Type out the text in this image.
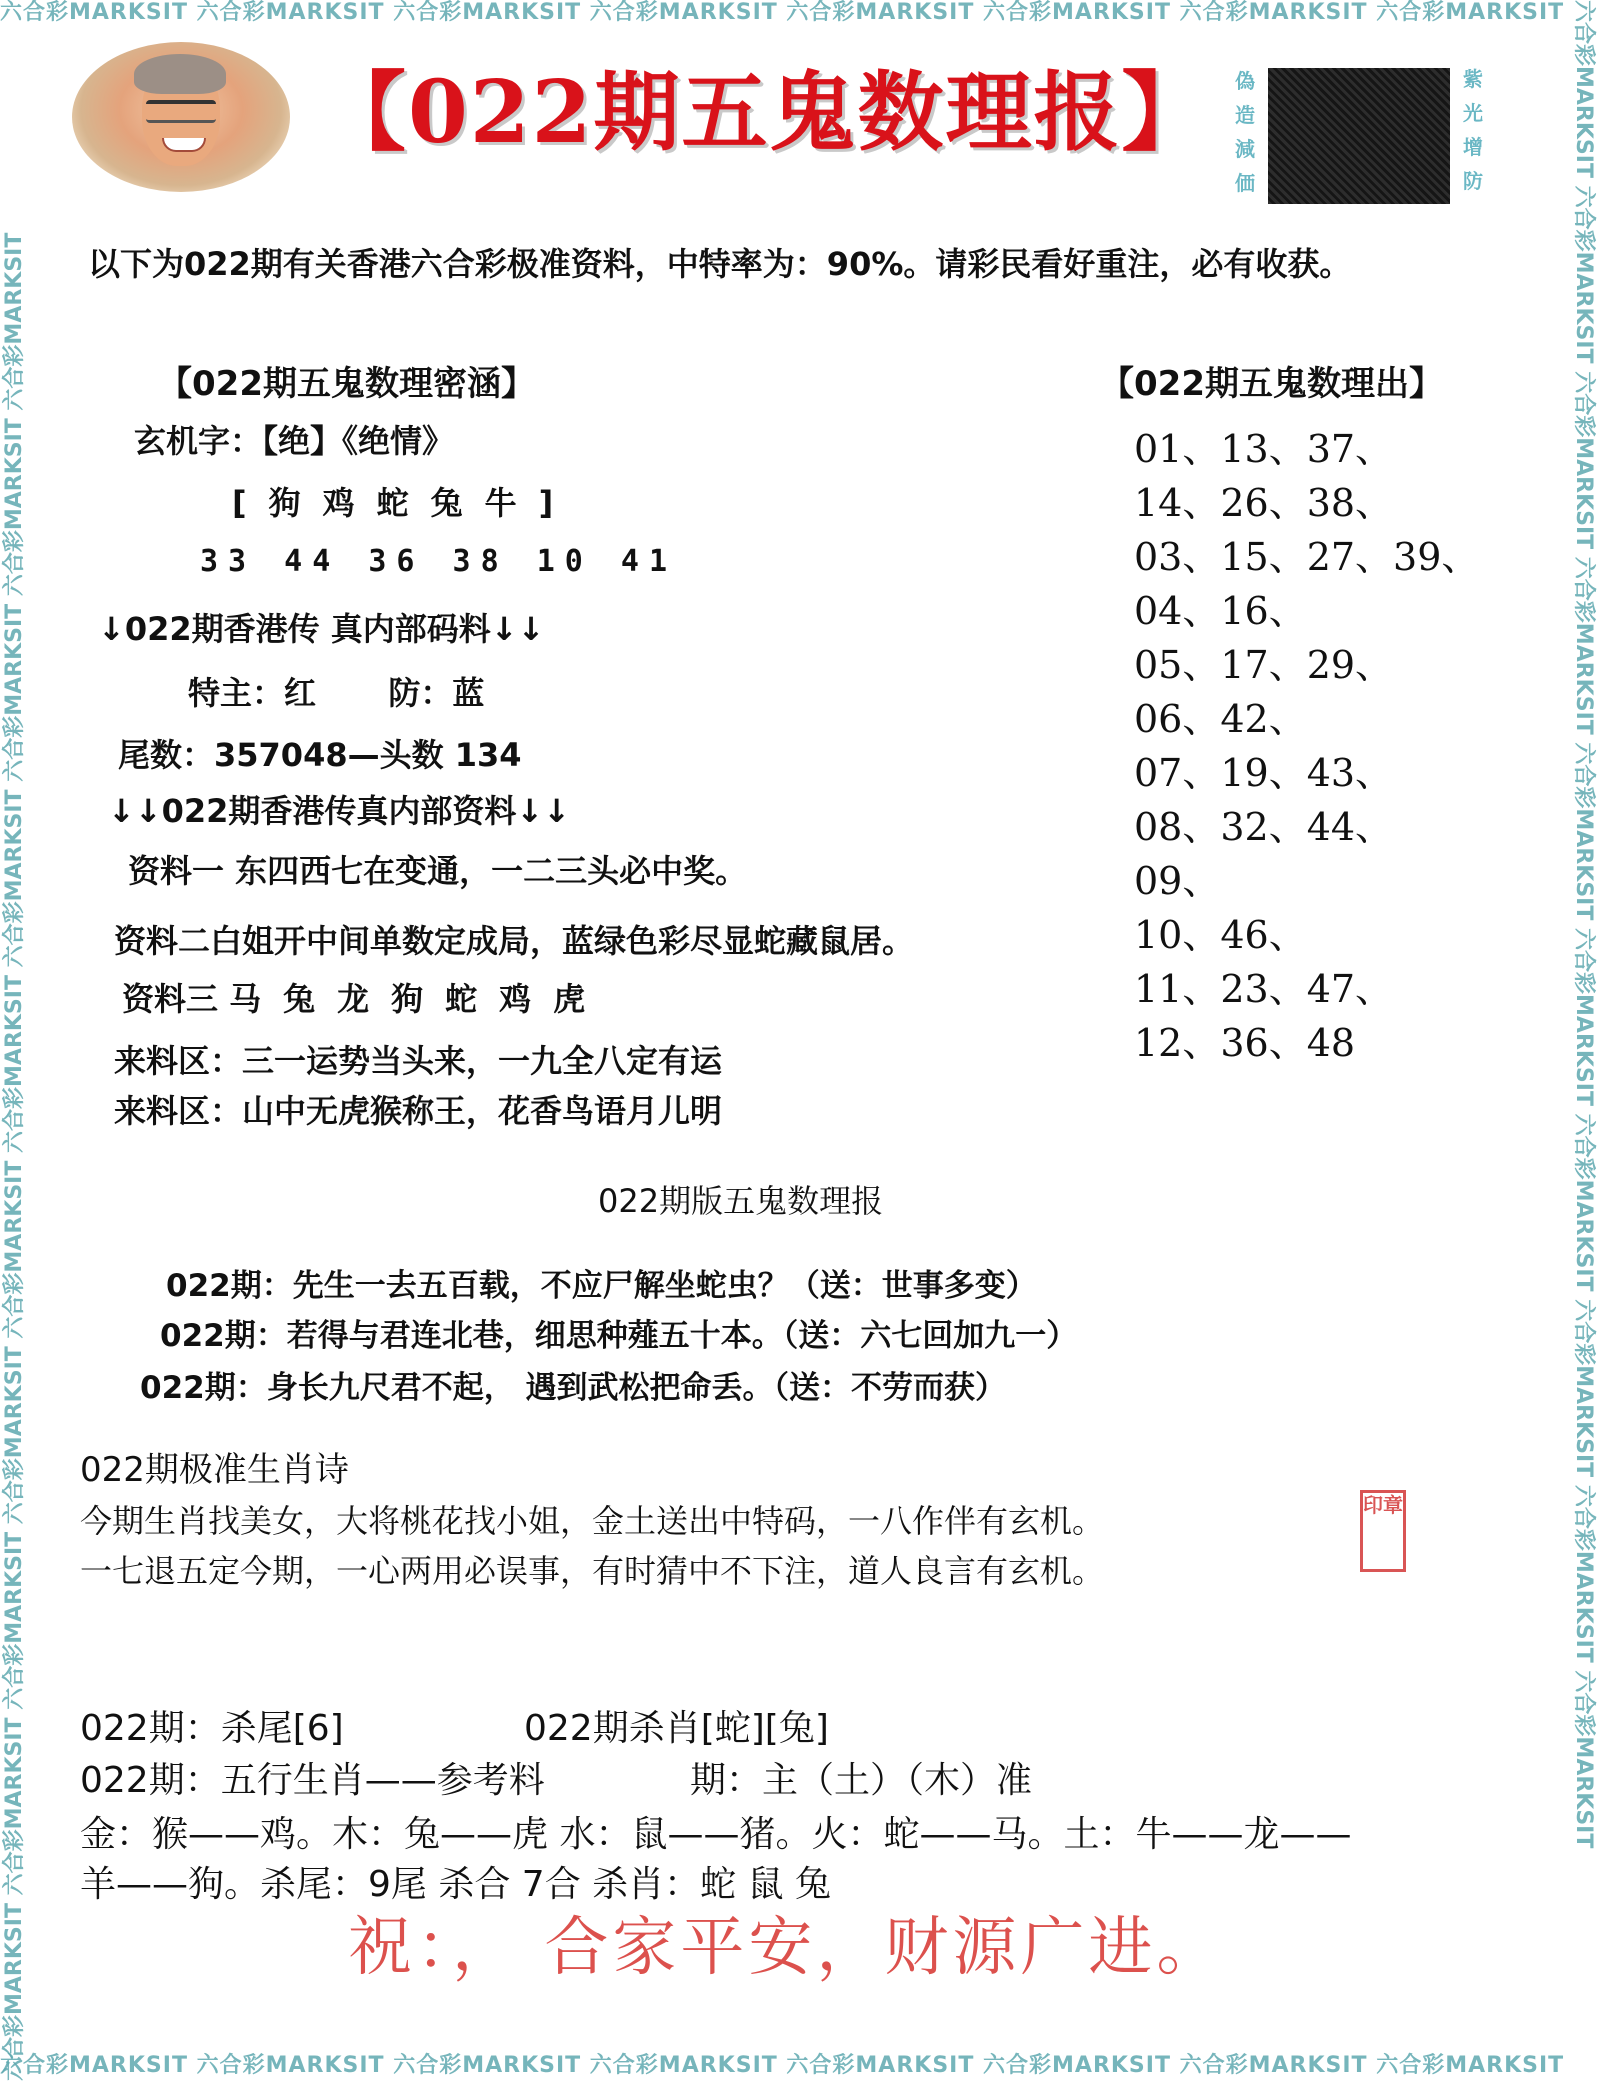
六合彩MARKSIT 六合彩MARKSIT 六合彩MARKSIT 六合彩MARKSIT 六合彩MARKSIT 六合彩MARKSIT 六合彩MARKSIT 六合彩MARKSIT
六合彩MARKSIT 六合彩MARKSIT 六合彩MARKSIT 六合彩MARKSIT 六合彩MARKSIT 六合彩MARKSIT 六合彩MARKSIT 六合彩MARKSIT
六合彩MARKSIT 六合彩MARKSIT 六合彩MARKSIT 六合彩MARKSIT 六合彩MARKSIT 六合彩MARKSIT 六合彩MARKSIT 六合彩MARKSIT 六合彩MARKSIT 六合彩MARKSIT	六合彩MARKSIT 六合彩MARKSIT 六合彩MARKSIT 六合彩MARKSIT 六合彩MARKSIT 六合彩MARKSIT 六合彩MARKSIT 六合彩MARKSIT 六合彩MARKSIT 六合彩MARKSIT
【022期五鬼数理报】 偽造減価
紫光增防
以下为022期有关香港六合彩极准资料，中特率为：90%。请彩民看好重注，必有收获。
【022期五鬼数理密涵】
玄机字：【绝】《绝情》
[狗鸡蛇兔牛]
33 44 36 38 10 41
↓022期香港传 真内部码料↓↓
特主：红 防：蓝
尾数：357048—头数 134
↓↓022期香港传真内部资料↓↓
资料一 东四西七在变通，一二三头必中奖。
资料二白姐开中间单数定成局，蓝绿色彩尽显蛇藏鼠居。
资料三 马兔龙狗蛇鸡虎
来料区：三一运势当头来，一九全八定有运
来料区：山中无虎猴称王，花香鸟语月儿明
【022期五鬼数理出】
01、13、37、
14、26、38、
03、15、27、39、
04、16、
05、17、29、
06、42、
07、19、43、
08、32、44、
09、
10、46、
11、23、47、
12、36、48
022期版五鬼数理报
022期：先生一去五百载，不应尸解坐蛇虫？（送：世事多变）
022期：若得与君连北巷，细思种薤五十本。（送：六七回加九一）
022期：身长九尺君不起， 遇到武松把命丢。（送：不劳而获）
022期极准生肖诗
今期生肖找美女，大将桃花找小姐，金土送出中特码，一八作伴有玄机。
一七退五定今期，一心两用必误事，有时猜中不下注，道人良言有玄机。
印章
022期：杀尾[6]	022期杀肖[蛇][兔]
022期：五行生肖——参考料	期：主（土）（木）准
金：猴——鸡。木：兔——虎 水：鼠——猪。火：蛇——马。土：牛——龙——
羊——狗。杀尾：9尾 杀合 7合 杀肖：蛇 鼠 兔
祝：， 合家平安，财源广进。
